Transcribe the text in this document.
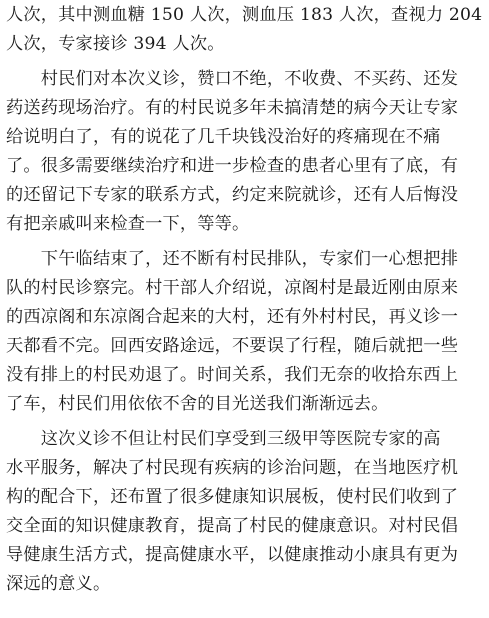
人次，其中测血糖 150 人次，测血压 183 人次，查视力 204
人次，专家接诊 394 人次。
　　村民们对本次义诊，赞口不绝，不收费、不买药、还发
药送药现场治疗。有的村民说多年未搞清楚的病今天让专家
给说明白了，有的说花了几千块钱没治好的疼痛现在不痛
了。很多需要继续治疗和进一步检查的患者心里有了底，有
的还留记下专家的联系方式，约定来院就诊，还有人后悔没
有把亲戚叫来检查一下，等等。
　　下午临结束了，还不断有村民排队，专家们一心想把排
队的村民诊察完。村干部人介绍说，凉阁村是最近刚由原来
的西凉阁和东凉阁合起来的大村，还有外村村民，再义诊一
天都看不完。回西安路途远，不要误了行程，随后就把一些
没有排上的村民劝退了。时间关系，我们无奈的收拾东西上
了车，村民们用依依不舍的目光送我们渐渐远去。
　　这次义诊不但让村民们享受到三级甲等医院专家的高
水平服务，解决了村民现有疾病的诊治问题，在当地医疗机
构的配合下，还布置了很多健康知识展板，使村民们收到了
交全面的知识健康教育，提高了村民的健康意识。对村民倡
导健康生活方式，提高健康水平，以健康推动小康具有更为
深远的意义。
